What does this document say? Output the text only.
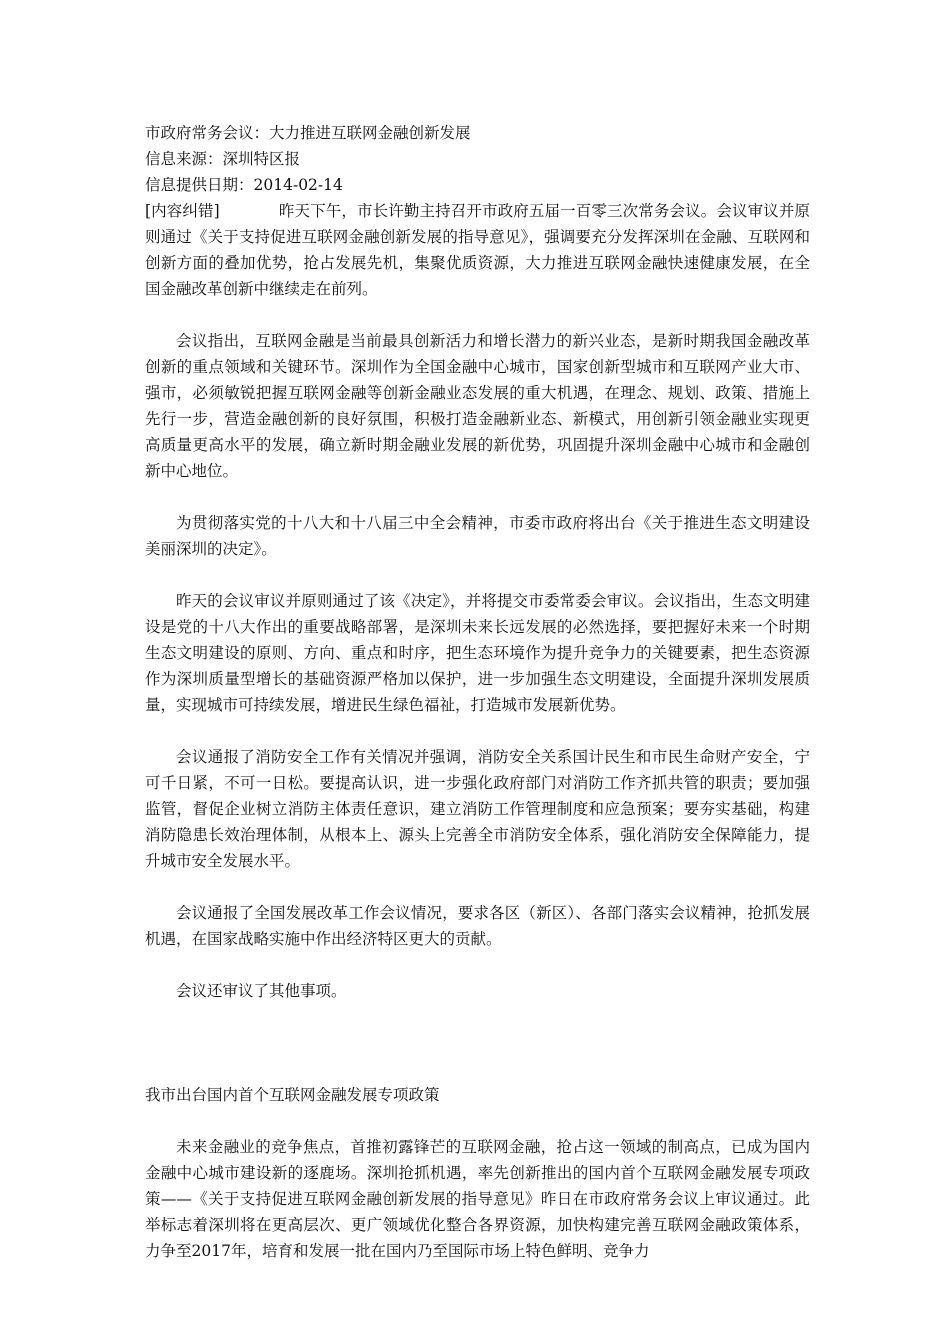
市政府常务会议：大力推进互联网金融创新发展
信息来源：深圳特区报
信息提供日期：2014-02-14

[内容纠错]	昨天下午，市长许勤主持召开市政府五届一百零三次常务会议。会议审议并原则通过《关于支持促进互联网金融创新发展的指导意见》，强调要充分发挥深圳在金融、互联网和创新方面的叠加优势，抢占发展先机，集聚优质资源，大力推进互联网金融快速健康发展，在全国金融改革创新中继续走在前列。

会议指出，互联网金融是当前最具创新活力和增长潜力的新兴业态，是新时期我国金融改革创新的重点领域和关键环节。深圳作为全国金融中心城市，国家创新型城市和互联网产业大市、强市，必须敏锐把握互联网金融等创新金融业态发展的重大机遇，在理念、规划、政策、措施上先行一步，营造金融创新的良好氛围，积极打造金融新业态、新模式，用创新引领金融业实现更高质量更高水平的发展，确立新时期金融业发展的新优势，巩固提升深圳金融中心城市和金融创新中心地位。

为贯彻落实党的十八大和十八届三中全会精神，市委市政府将出台《关于推进生态文明建设美丽深圳的决定》。

昨天的会议审议并原则通过了该《决定》，并将提交市委常委会审议。会议指出，生态文明建设是党的十八大作出的重要战略部署，是深圳未来长远发展的必然选择，要把握好未来一个时期生态文明建设的原则、方向、重点和时序，把生态环境作为提升竞争力的关键要素，把生态资源作为深圳质量型增长的基础资源严格加以保护，进一步加强生态文明建设，全面提升深圳发展质量，实现城市可持续发展，增进民生绿色福祉，打造城市发展新优势。

会议通报了消防安全工作有关情况并强调，消防安全关系国计民生和市民生命财产安全，宁可千日紧，不可一日松。要提高认识，进一步强化政府部门对消防工作齐抓共管的职责；要加强监管，督促企业树立消防主体责任意识，建立消防工作管理制度和应急预案；要夯实基础，构建消防隐患长效治理体制，从根本上、源头上完善全市消防安全体系，强化消防安全保障能力，提升城市安全发展水平。

会议通报了全国发展改革工作会议情况，要求各区（新区）、各部门落实会议精神，抢抓发展机遇，在国家战略实施中作出经济特区更大的贡献。

会议还审议了其他事项。

我市出台国内首个互联网金融发展专项政策

未来金融业的竞争焦点，首推初露锋芒的互联网金融，抢占这一领域的制高点，已成为国内金融中心城市建设新的逐鹿场。深圳抢抓机遇，率先创新推出的国内首个互联网金融发展专项政策——《关于支持促进互联网金融创新发展的指导意见》昨日在市政府常务会议上审议通过。此举标志着深圳将在更高层次、更广领域优化整合各界资源，加快构建完善互联网金融政策体系，力争至2017年，培育和发展一批在国内乃至国际市场上特色鲜明、竞争力
